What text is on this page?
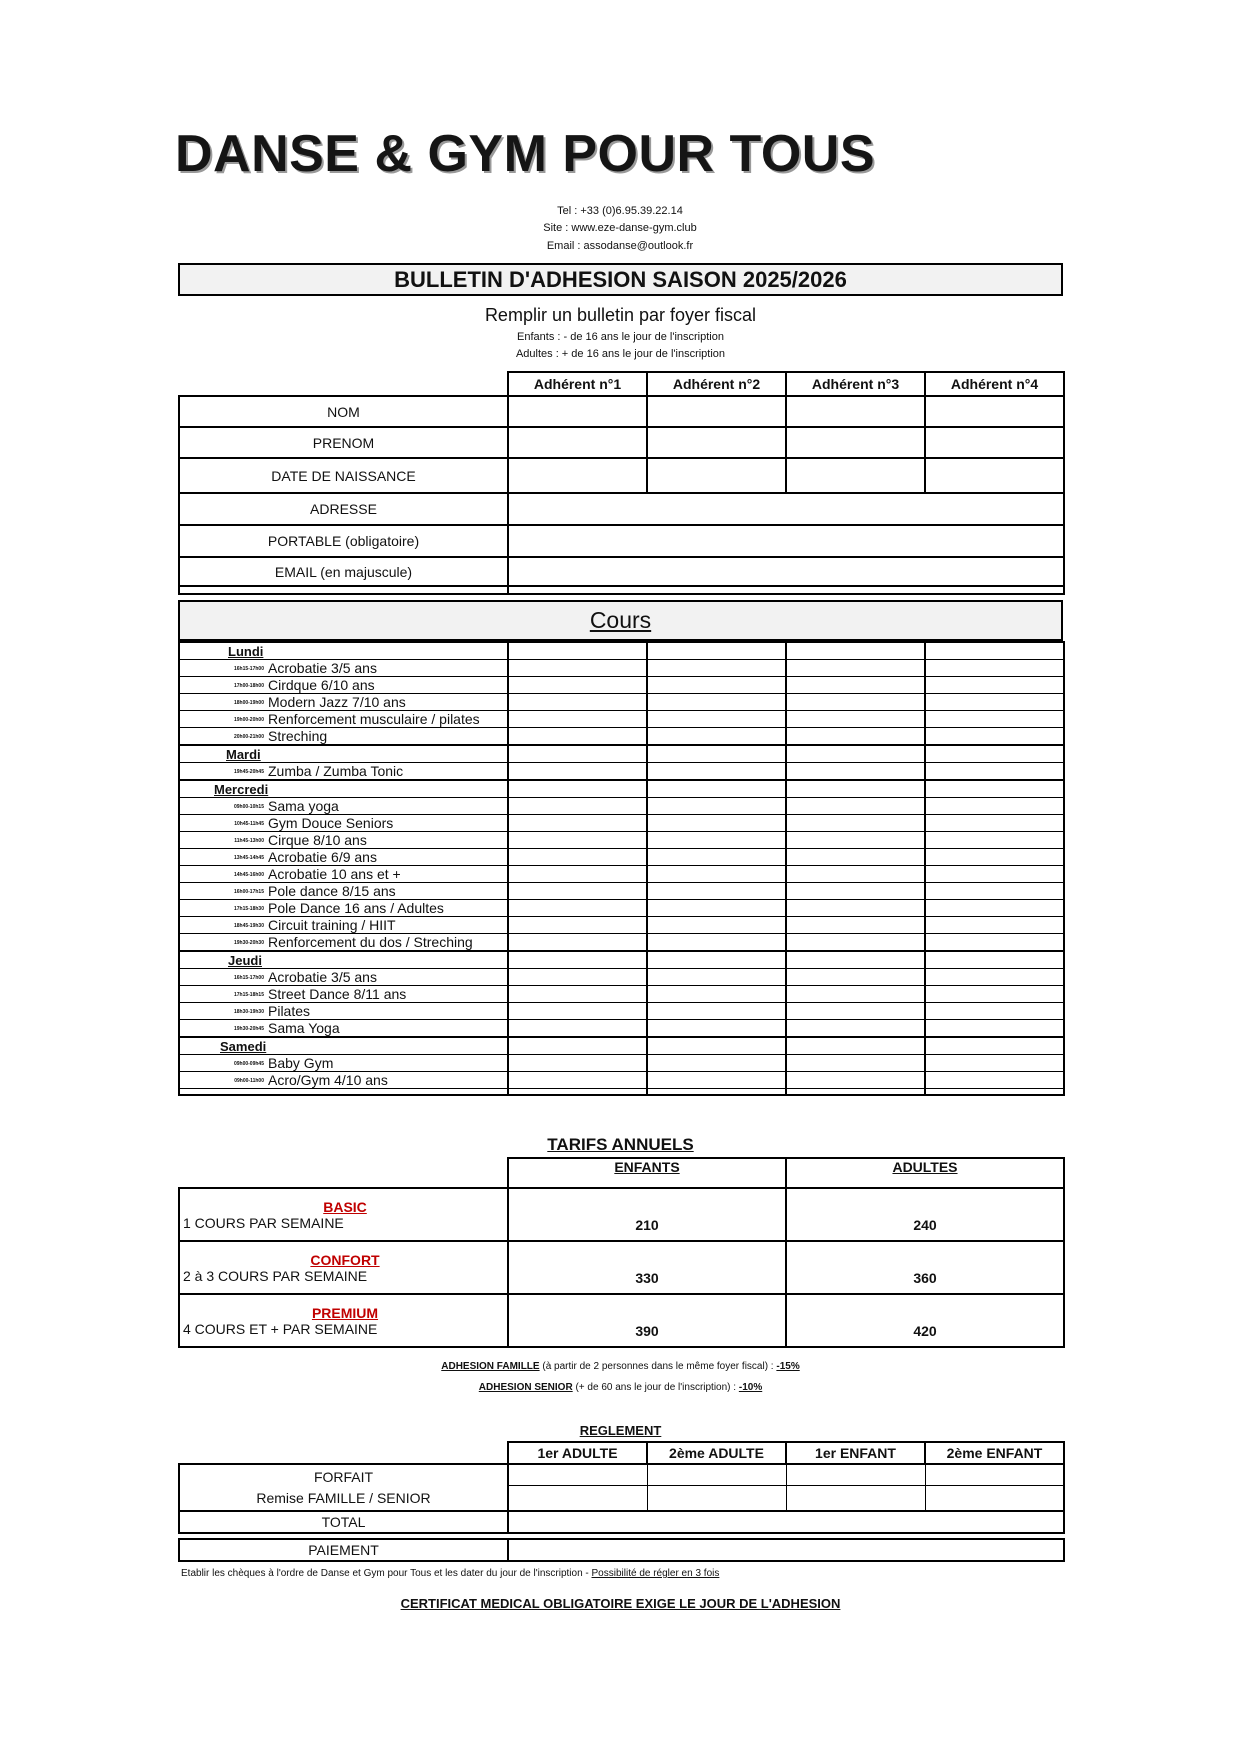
DANSE & GYM POUR TOUS
Tel : +33 (0)6.95.39.22.14
Site : www.eze-danse-gym.club
Email : assodanse@outlook.fr
BULLETIN D'ADHESION SAISON 2025/2026
Remplir un bulletin par foyer fiscal
Enfants : - de 16 ans le jour de l'inscription
Adultes : + de 16 ans le jour de l'inscription
	Adhérent n°1	Adhérent n°2	Adhérent n°3	Adhérent n°4
NOM				
PRENOM				
DATE DE NAISSANCE				
ADRESSE				
PORTABLE (obligatoire)				
EMAIL (en majuscule)				

Cours
Lundi				
16h15-17h00 Acrobatie 3/5 ans				
17h00-18h00 Cirdque 6/10 ans				
18h00-19h00 Modern Jazz 7/10 ans				
19h00-20h00 Renforcement musculaire / pilates				
20h00-21h00 Streching				
Mardi				
19h45-20h45 Zumba / Zumba Tonic				
Mercredi				
09h00-10h15 Sama yoga				
10h45-11h45 Gym Douce Seniors				
11h45-13h00 Cirque 8/10 ans				
13h45-14h45 Acrobatie 6/9 ans				
14h45-16h00 Acrobatie 10 ans et +				
16h00-17h15 Pole dance 8/15 ans				
17h15-18h30 Pole Dance 16 ans / Adultes				
18h45-19h30 Circuit training / HIIT				
19h30-20h30 Renforcement du dos / Streching				
Jeudi				
16h15-17h00 Acrobatie 3/5 ans				
17h15-18h15 Street Dance 8/11 ans				
18h30-19h30 Pilates				
19h30-20h45 Sama Yoga				
Samedi				
09h00-09h45 Baby Gym				
09h00-11h00 Acro/Gym 4/10 ans				

TARIFS ANNUELS
	ENFANTS	ADULTES

BASIC
1 COURS PAR SEMAINE	210	240

CONFORT
2 à 3 COURS PAR SEMAINE	330	360

PREMIUM
4 COURS ET + PAR SEMAINE	390	420
ADHESION FAMILLE (à partir de 2 personnes dans le même foyer fiscal) : -15%
ADHESION SENIOR (+ de 60 ans le jour de l'inscription) : -10%
REGLEMENT
	1er ADULTE	2ème ADULTE	1er ENFANT	2ème ENFANT

FORFAIT
Remise FAMILLE / SENIOR				

TOTAL				

PAIEMENT				
Etablir les chèques à l'ordre de Danse et Gym pour Tous et les dater du jour de l'inscription - Possibilité de régler en 3 fois
CERTIFICAT MEDICAL OBLIGATOIRE EXIGE LE JOUR DE L'ADHESION
